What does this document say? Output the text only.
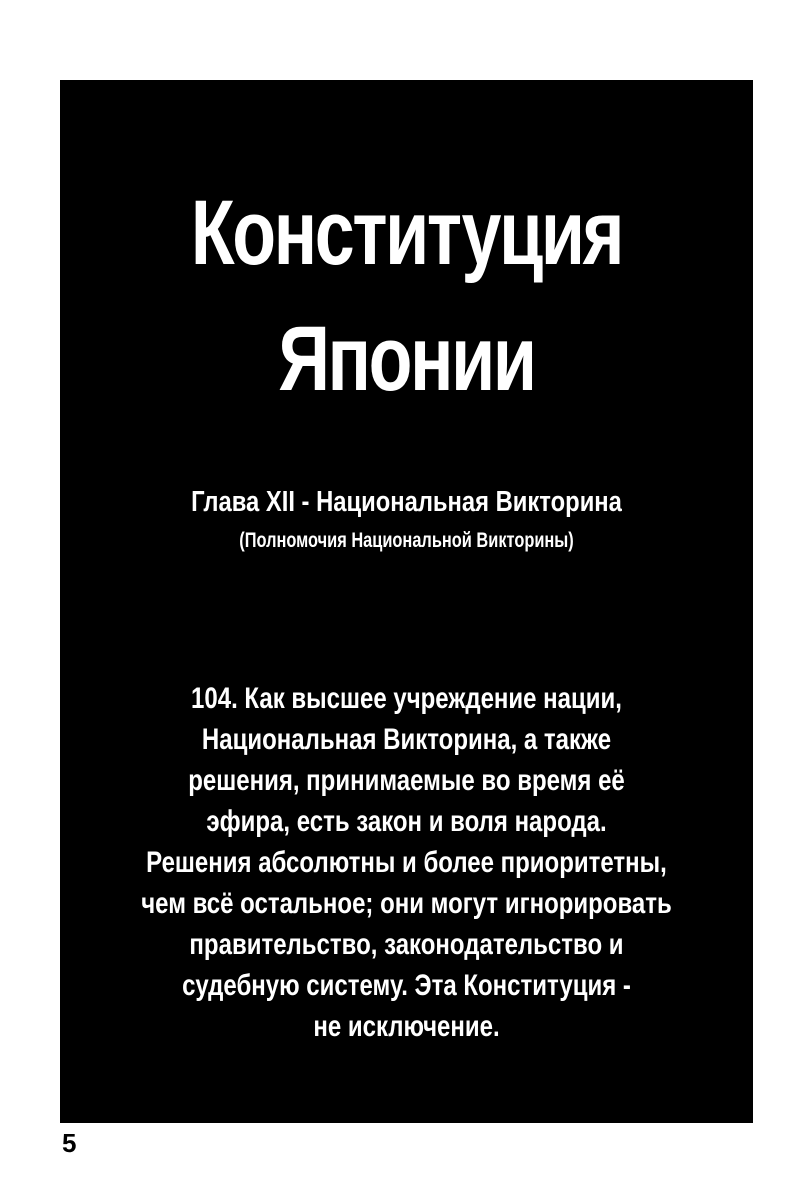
Конституция
Японии
Глава XII - Национальная Викторина
(Полномочия Национальной Викторины)

104. Как высшее учреждение нации,
Национальная Викторина, а также
решения, принимаемые во время её
эфира, есть закон и воля народа.
Решения абсолютны и более приоритетны,
чем всё остальное; они могут игнорировать
правительство, законодательство и
судебную систему. Эта Конституция -
не исключение.

5
